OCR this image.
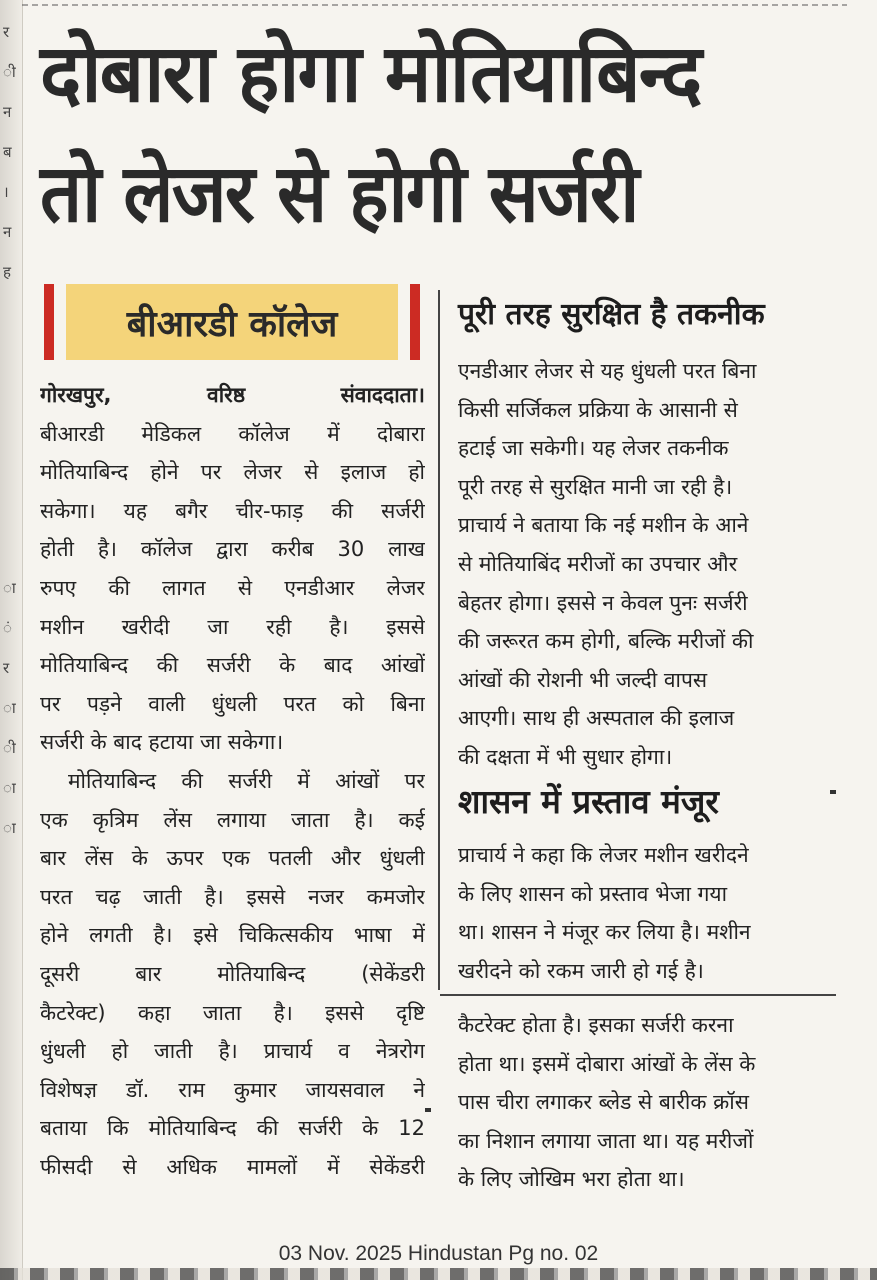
र
ी
न
ब
।
न
ह
ा
ं
र
ा
ी
ा
ा
दोबारा होगा मोतियाबिन्द
तो लेजर से होगी सर्जरी
बीआरडी कॉलेज
गोरखपुर, वरिष्ठ संवाददाता।
बीआरडी मेडिकल कॉलेज में दोबारा
मोतियाबिन्द होने पर लेजर से इलाज हो
सकेगा। यह बगैर चीर-फाड़ की सर्जरी
होती है। कॉलेज द्वारा करीब 30 लाख
रुपए की लागत से एनडीआर लेजर
मशीन खरीदी जा रही है। इससे
मोतियाबिन्द की सर्जरी के बाद आंखों
पर पड़ने वाली धुंधली परत को बिना
सर्जरी के बाद हटाया जा सकेगा।
मोतियाबिन्द की सर्जरी में आंखों पर
एक कृत्रिम लेंस लगाया जाता है। कई
बार लेंस के ऊपर एक पतली और धुंधली
परत चढ़ जाती है। इससे नजर कमजोर
होने लगती है। इसे चिकित्सकीय भाषा में
दूसरी बार मोतियाबिन्द (सेकेंडरी
कैटरेक्ट) कहा जाता है। इससे दृष्टि
धुंधली हो जाती है। प्राचार्य व नेत्ररोग
विशेषज्ञ डॉ. राम कुमार जायसवाल ने
बताया कि मोतियाबिन्द की सर्जरी के 12
फीसदी से अधिक मामलों में सेकेंडरी
पूरी तरह सुरक्षित है तकनीक
एनडीआर लेजर से यह धुंधली परत बिना
किसी सर्जिकल प्रक्रिया के आसानी से
हटाई जा सकेगी। यह लेजर तकनीक
पूरी तरह से सुरक्षित मानी जा रही है।
प्राचार्य ने बताया कि नई मशीन के आने
से मोतियाबिंद मरीजों का उपचार और
बेहतर होगा। इससे न केवल पुनः सर्जरी
की जरूरत कम होगी, बल्कि मरीजों की
आंखों की रोशनी भी जल्दी वापस
आएगी। साथ ही अस्पताल की इलाज
की दक्षता में भी सुधार होगा।
शासन में प्रस्ताव मंजूर
प्राचार्य ने कहा कि लेजर मशीन खरीदने
के लिए शासन को प्रस्ताव भेजा गया
था। शासन ने मंजूर कर लिया है। मशीन
खरीदने को रकम जारी हो गई है।
कैटरेक्ट होता है। इसका सर्जरी करना
होता था। इसमें दोबारा आंखों के लेंस के
पास चीरा लगाकर ब्लेड से बारीक क्रॉस
का निशान लगाया जाता था। यह मरीजों
के लिए जोखिम भरा होता था।
03 Nov. 2025 Hindustan Pg no. 02
